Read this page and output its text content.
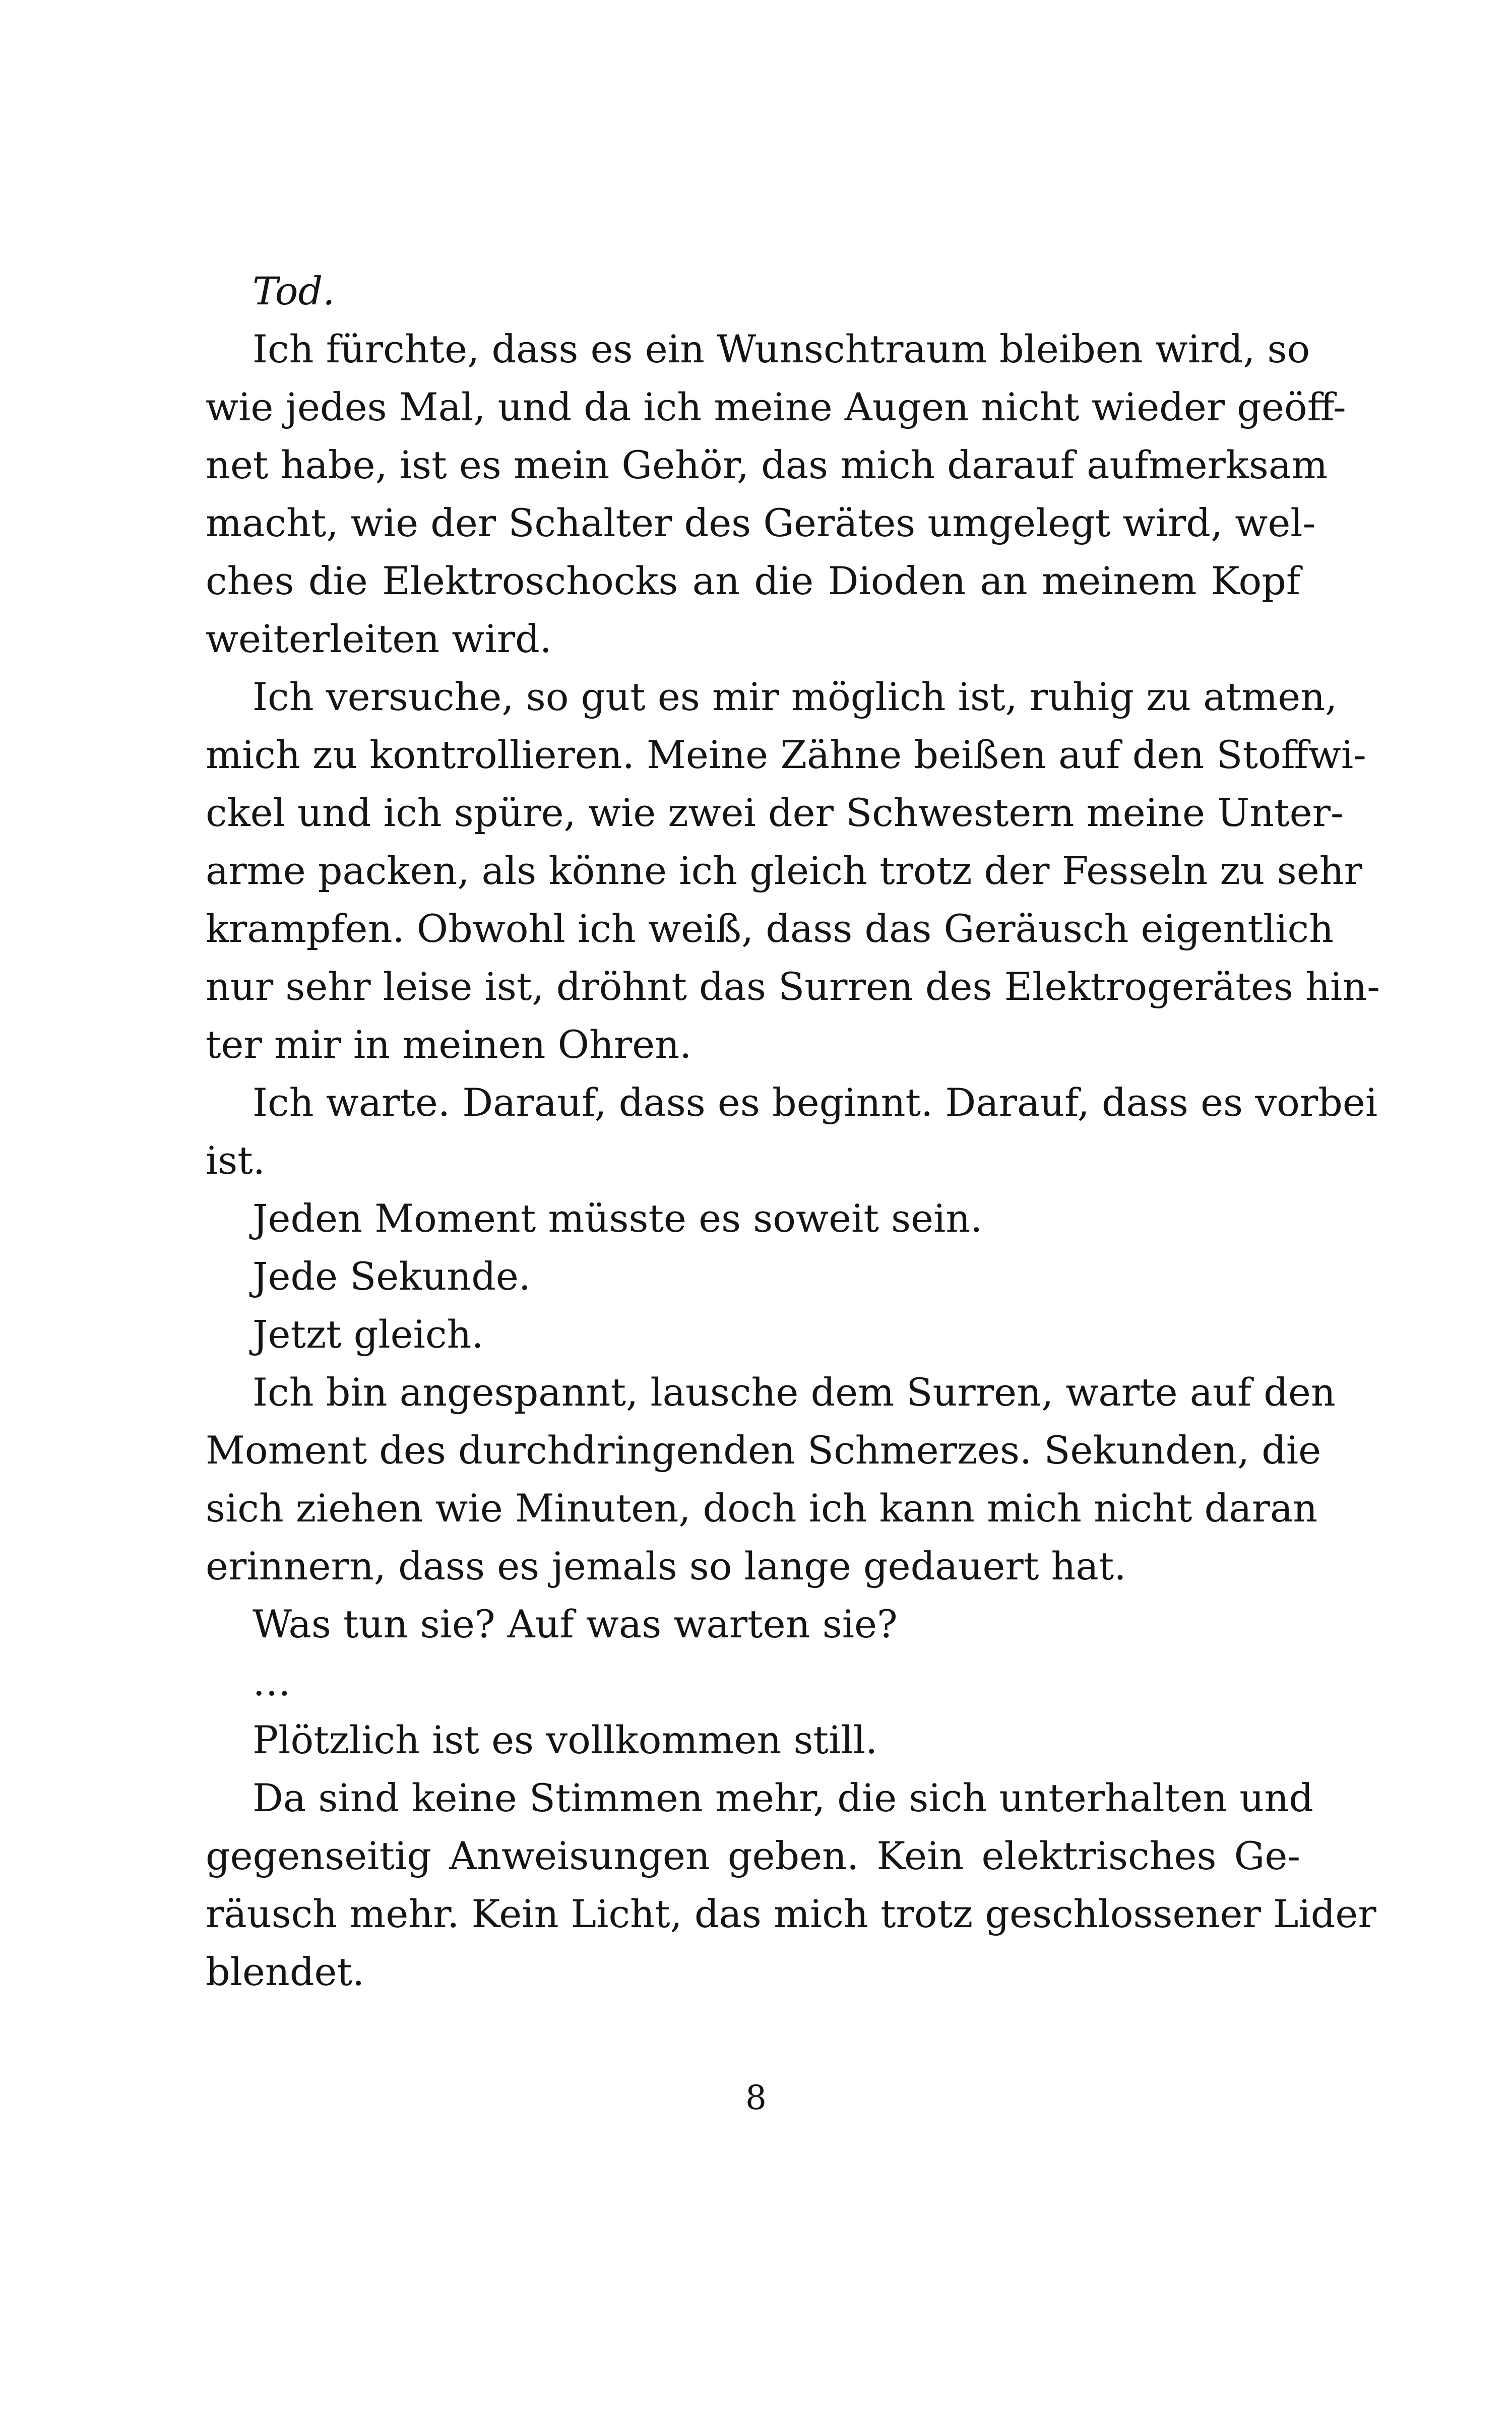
Tod.
Ich fürchte, dass es ein Wunschtraum bleiben wird, so
wie jedes Mal, und da ich meine Augen nicht wieder geöff-
net habe, ist es mein Gehör, das mich darauf aufmerksam
macht, wie der Schalter des Gerätes umgelegt wird, wel-
ches die Elektroschocks an die Dioden an meinem Kopf
weiterleiten wird.
Ich versuche, so gut es mir möglich ist, ruhig zu atmen,
mich zu kontrollieren. Meine Zähne beißen auf den Stoffwi-
ckel und ich spüre, wie zwei der Schwestern meine Unter-
arme packen, als könne ich gleich trotz der Fesseln zu sehr
krampfen. Obwohl ich weiß, dass das Geräusch eigentlich
nur sehr leise ist, dröhnt das Surren des Elektrogerätes hin-
ter mir in meinen Ohren.
Ich warte. Darauf, dass es beginnt. Darauf, dass es vorbei
ist.
Jeden Moment müsste es soweit sein.
Jede Sekunde.
Jetzt gleich.
Ich bin angespannt, lausche dem Surren, warte auf den
Moment des durchdringenden Schmerzes. Sekunden, die
sich ziehen wie Minuten, doch ich kann mich nicht daran
erinnern, dass es jemals so lange gedauert hat.
Was tun sie? Auf was warten sie?
…
Plötzlich ist es vollkommen still.
Da sind keine Stimmen mehr, die sich unterhalten und
gegenseitig Anweisungen geben. Kein elektrisches Ge-
räusch mehr. Kein Licht, das mich trotz geschlossener Lider
blendet.
8
